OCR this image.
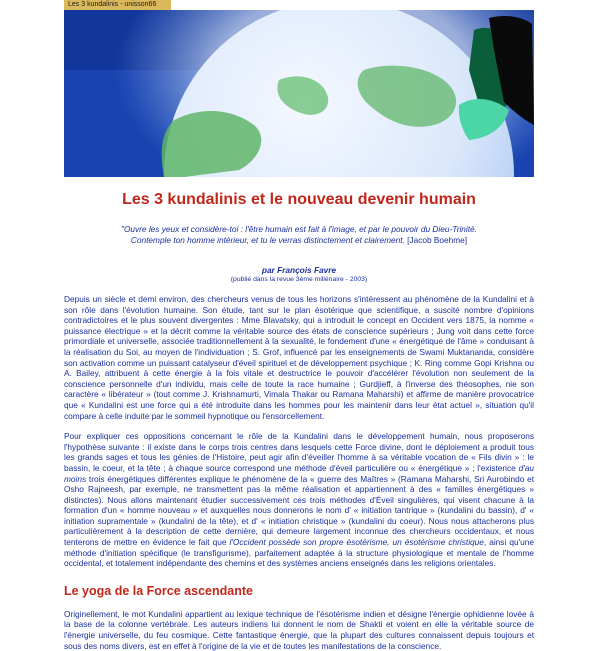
Les 3 kundalinis - unisson66
Les 3 kundalinis et le nouveau devenir humain
"Ouvre les yeux et considère-toi : l'être humain est fait à l'image, et par le pouvoir du Dieu-Trinité.
Contemple ton homme intérieur, et tu le verras distinctement et clairement. [Jacob Boehme]
par François Favre
(publié dans la revue 3ème millénaire - 2003)

Depuis un siècle et demi environ, des chercheurs venus de tous les horizons s'intéressent au phénomène de la Kundalini et à son rôle dans l'évolution humaine. Son étude, tant sur le plan ésotérique que scientifique, a suscité nombre d'opinions contradictoires et le plus souvent divergentes : Mme Blavatsky, qui a introduit le concept en Occident vers 1875, la nomme « puissance électrique » et la décrit comme la véritable source des états de conscience supérieurs ; Jung voit dans cette force primordiale et universelle, associée traditionnellement à la sexualité, le fondement d'une « énergétique de l'âme » conduisant à la réalisation du Soi, au moyen de l'individuation ; S. Grof, influencé par les enseignements de Swami Muktananda, considère son activation comme un puissant catalyseur d'éveil spirituel et de développement psychique ; K. Ring comme Gopi Krishna ou A. Bailey, attribuent à cette énergie à la fois vitale et destructrice le pouvoir d'accélérer l'évolution non seulement de la conscience personnelle d'un individu, mais celle de toute la race humaine ; Gurdjieff, à l'inverse des théosophes, nie son caractère « libérateur » (tout comme J. Krishnamurti, Vimala Thakar ou Ramana Maharshi) et affirme de manière provocatrice que « Kundalini est une force qui a été introduite dans les hommes pour les maintenir dans leur état actuel », situation qu'il compare à celle induite par le sommeil hypnotique ou l'ensorcellement.

Pour expliquer ces oppositions concernant le rôle de la Kundalini dans le développement humain, nous proposerons l'hypothèse suivante : il existe dans le corps trois centres dans lesquels cette Force divine, dont le déploiement a produit tous les grands sages et tous les génies de l'Histoire, peut agir afin d'éveiller l'homme à sa véritable vocation de « Fils divin » : le bassin, le coeur, et la tête ; à chaque source correspond une méthode d'éveil particulière ou « énergétique » ; l'existence d'au moins trois énergétiques différentes explique le phénomène de la « guerre des Maîtres » (Ramana Maharshi, Sri Aurobindo et Osho Rajneesh, par exemple, ne transmettent pas la même réalisation et appartiennent à des « familles énergétiques » distinctes). Nous allons maintenant étudier successivement ces trois méthodes d'Éveil singulières, qui visent chacune à la formation d'un « homme nouveau » et auxquelles nous donnerons le nom d' « initiation tantrique » (kundalini du bassin), d' « initiation supramentale » (kundalini de la tête), et d' « initiation christique » (kundalini du coeur). Nous nous attacherons plus particulièrement à la description de cette dernière, qui demeure largement inconnue des chercheurs occidentaux, et nous tenterons de mettre en évidence le fait que l'Occident possède son propre ésotérisme, un ésotérisme christique, ainsi qu'une méthode d'initiation spécifique (le transfigurisme), parfaitement adaptée à la structure physiologique et mentale de l'homme occidental, et totalement indépendante des chemins et des systèmes anciens enseignés dans les religions orientales.

Le yoga de la Force ascendante

Originellement, le mot Kundalini appartient au lexique technique de l'ésotérisme indien et désigne l'énergie ophidienne lovée à la base de la colonne vertébrale. Les auteurs indiens lui donnent le nom de Shakti et voient en elle la véritable source de l'énergie universelle, du feu cosmique. Cette fantastique énergie, que la plupart des cultures connaissent depuis toujours et sous des noms divers, est en effet à l'origine de la vie et de toutes les manifestations de la conscience.
